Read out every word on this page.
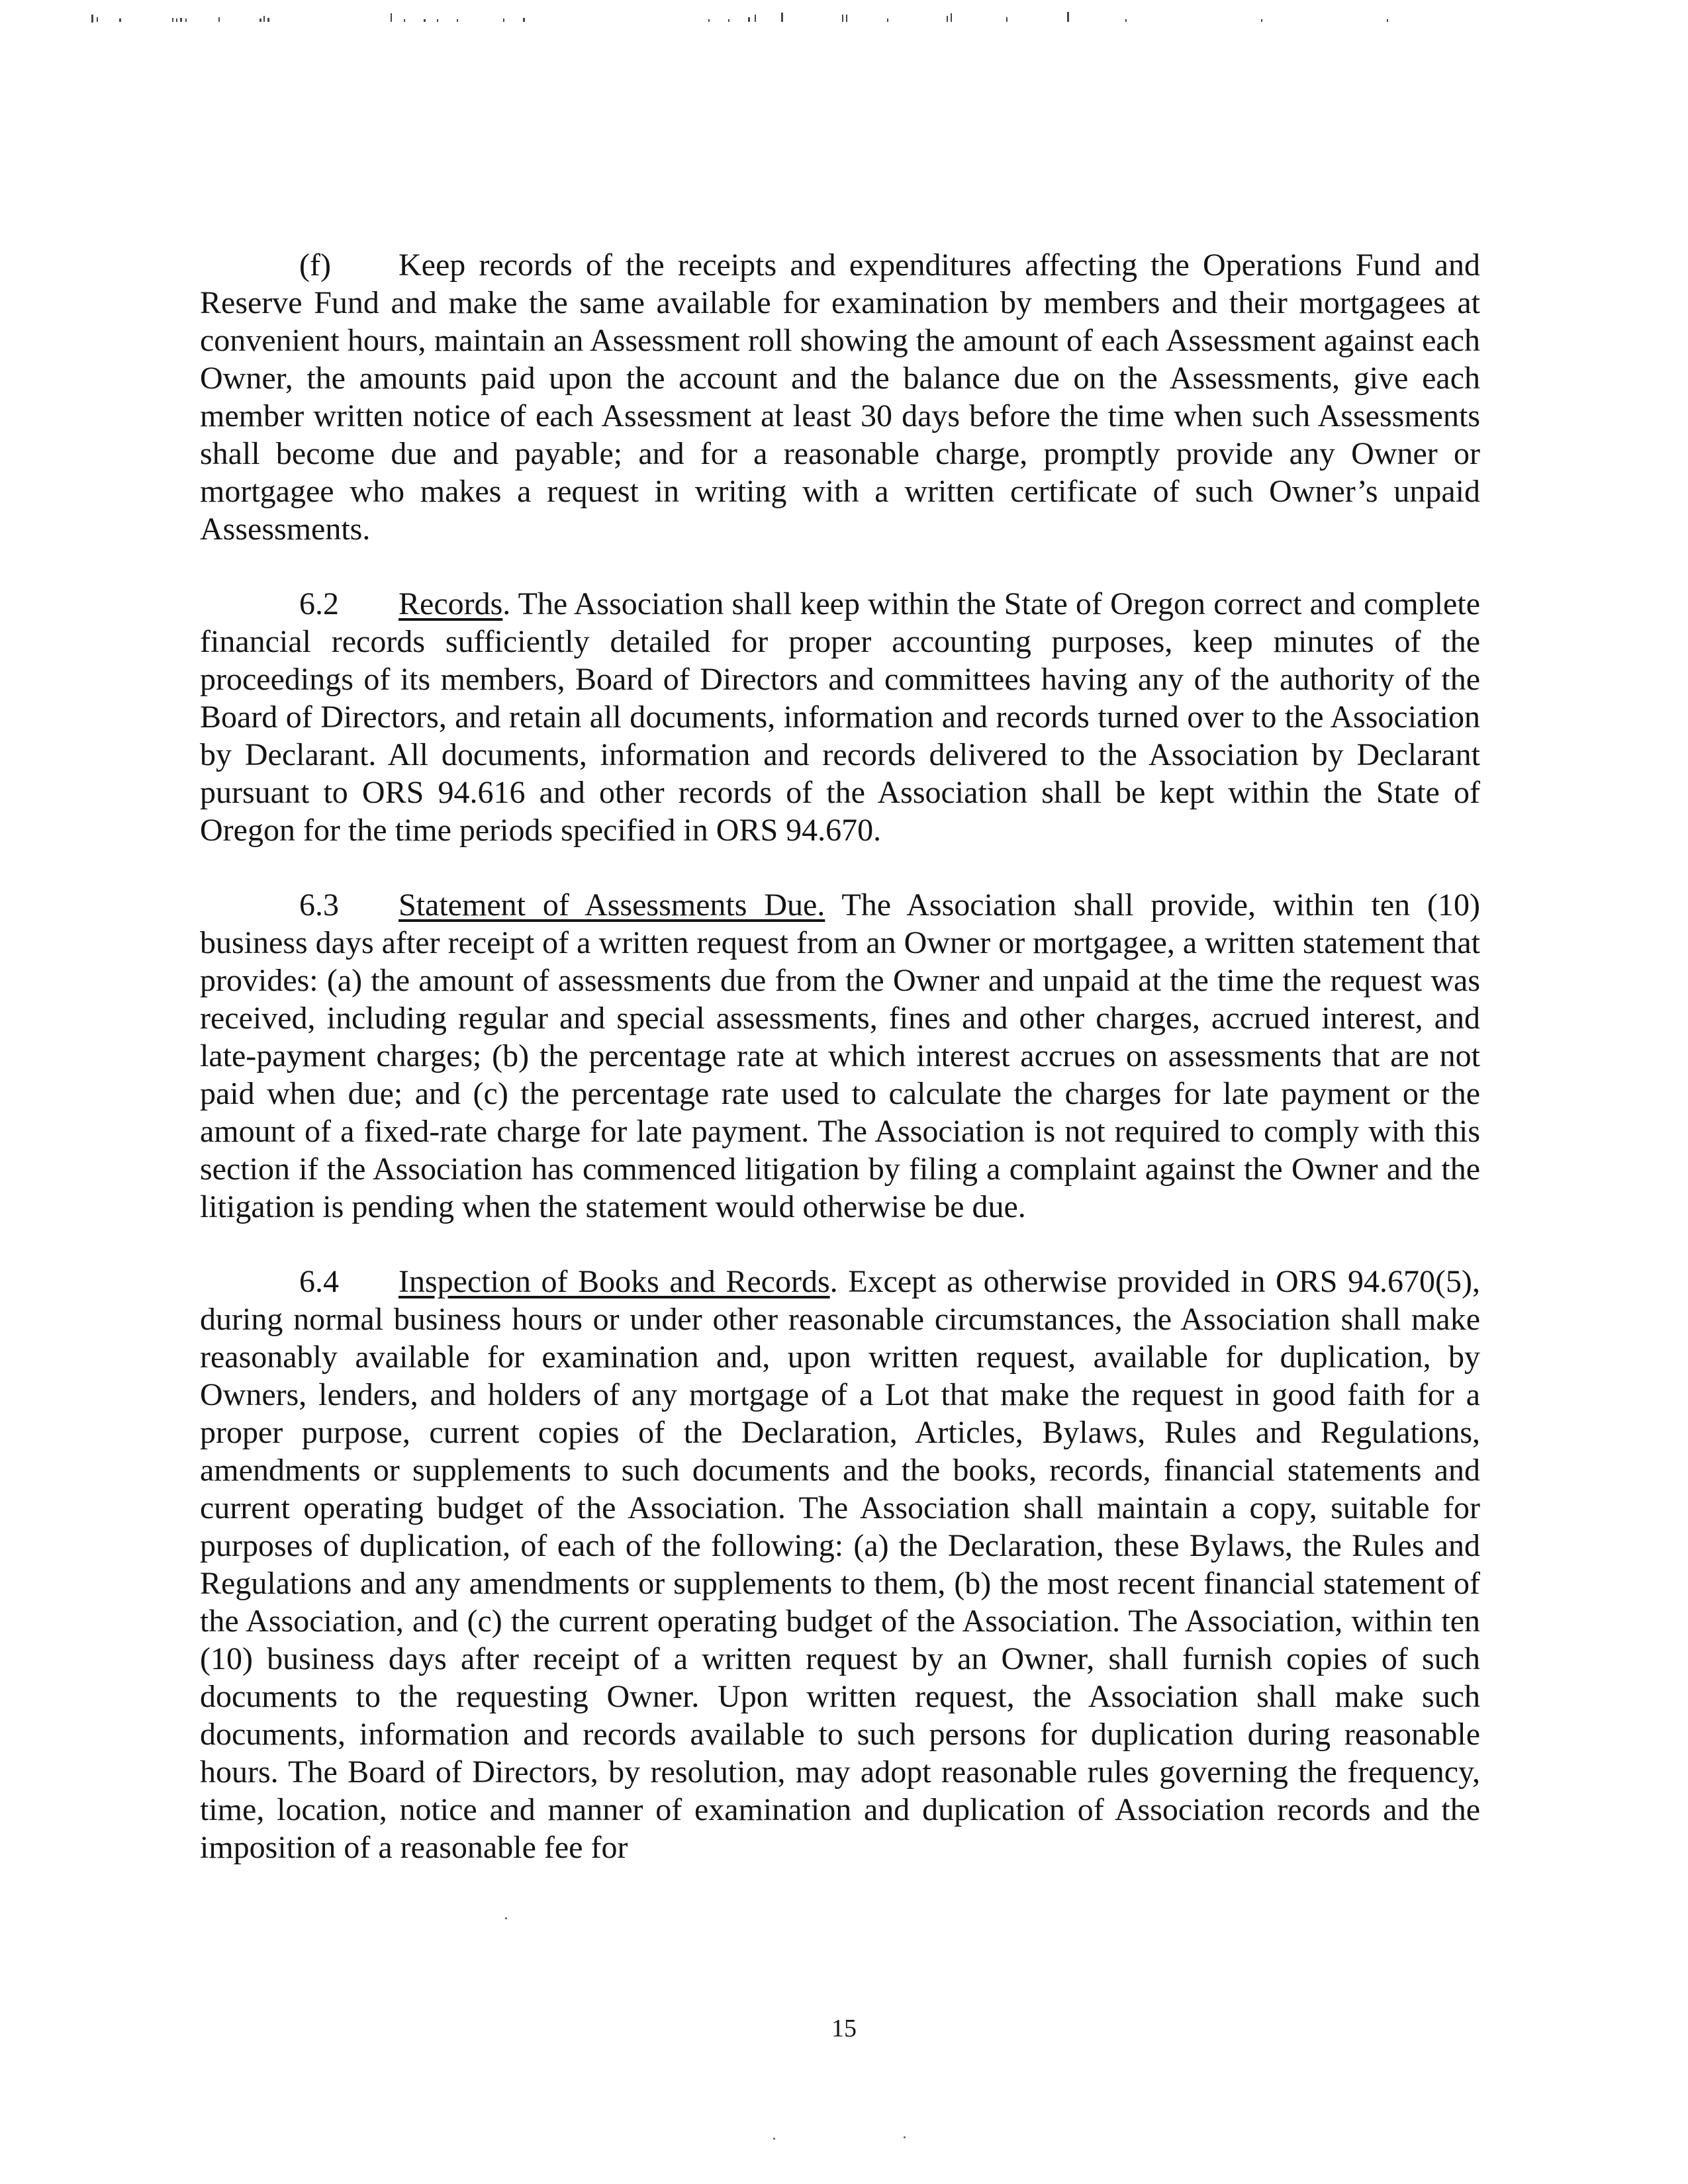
(f) Keep records of the receipts and expenditures affecting the Operations Fund and Reserve Fund and make the same available for examination by members and their mortgagees at convenient hours, maintain an Assessment roll showing the amount of each Assessment against each Owner, the amounts paid upon the account and the balance due on the Assessments, give each member written notice of each Assessment at least 30 days before the time when such Assessments shall become due and payable; and for a reasonable charge, promptly provide any Owner or mortgagee who makes a request in writing with a written certificate of such Owner’s unpaid Assessments.

6.2 Records. The Association shall keep within the State of Oregon correct and complete financial records sufficiently detailed for proper accounting purposes, keep minutes of the proceedings of its members, Board of Directors and committees having any of the authority of the Board of Directors, and retain all documents, information and records turned over to the Association by Declarant. All documents, information and records delivered to the Association by Declarant pursuant to ORS 94.616 and other records of the Association shall be kept within the State of Oregon for the time periods specified in ORS 94.670.

6.3 Statement of Assessments Due. The Association shall provide, within ten (10) business days after receipt of a written request from an Owner or mortgagee, a written statement that provides: (a) the amount of assessments due from the Owner and unpaid at the time the request was received, including regular and special assessments, fines and other charges, accrued interest, and late-payment charges; (b) the percentage rate at which interest accrues on assessments that are not paid when due; and (c) the percentage rate used to calculate the charges for late payment or the amount of a fixed-rate charge for late payment. The Association is not required to comply with this section if the Association has commenced litigation by filing a complaint against the Owner and the litigation is pending when the statement would otherwise be due.

6.4 Inspection of Books and Records. Except as otherwise provided in ORS 94.670(5), during normal business hours or under other reasonable circumstances, the Association shall make reasonably available for examination and, upon written request, available for duplication, by Owners, lenders, and holders of any mortgage of a Lot that make the request in good faith for a proper purpose, current copies of the Declaration, Articles, Bylaws, Rules and Regulations, amendments or supplements to such documents and the books, records, financial statements and current operating budget of the Association. The Association shall maintain a copy, suitable for purposes of duplication, of each of the following: (a) the Declaration, these Bylaws, the Rules and Regulations and any amendments or supplements to them, (b) the most recent financial statement of the Association, and (c) the current operating budget of the Association. The Association, within ten (10) business days after receipt of a written request by an Owner, shall furnish copies of such documents to the requesting Owner. Upon written request, the Association shall make such documents, information and records available to such persons for duplication during reasonable hours. The Board of Directors, by resolution, may adopt reasonable rules governing the frequency, time, location, notice and manner of examination and duplication of Association records and the imposition of a reasonable fee for

15
